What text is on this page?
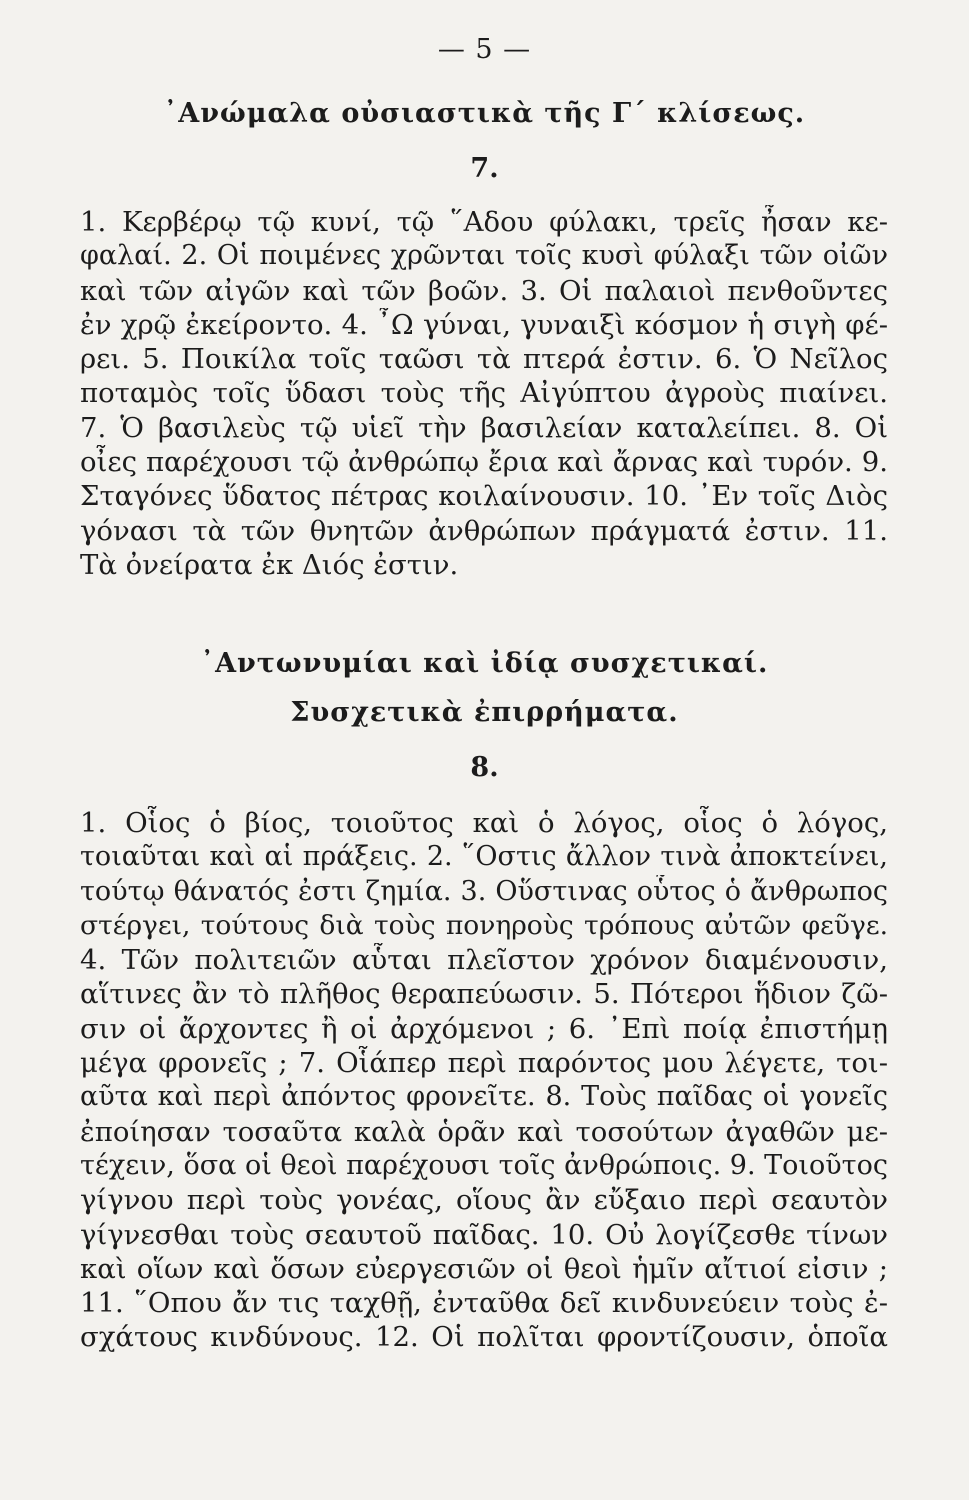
— 5 —
᾿Ανώμαλα οὐσιαστικὰ τῆς Γ´ κλίσεως.
7.
1. Κερβέρῳ τῷ κυνί, τῷ ῞Αδου φύλακι, τρεῖς ἦσαν κε-
φαλαί. 2. Οἱ ποιμένες χρῶνται τοῖς κυσὶ φύλαξι τῶν οἰῶν
καὶ τῶν αἰγῶν καὶ τῶν βοῶν. 3. Οἱ παλαιοὶ πενθοῦντες
ἐν χρῷ ἐκείροντο. 4. ῏Ω γύναι, γυναιξὶ κόσμον ἡ σιγὴ φέ-
ρει. 5. Ποικίλα τοῖς ταῶσι τὰ πτερά ἐστιν. 6. Ὁ Νεῖλος
ποταμὸς τοῖς ὕδασι τοὺς τῆς Αἰγύπτου ἀγροὺς πιαίνει.
7. Ὁ βασιλεὺς τῷ υἱεῖ τὴν βασιλείαν καταλείπει. 8. Οἱ
οἶες παρέχουσι τῷ ἀνθρώπῳ ἔρια καὶ ἄρνας καὶ τυρόν. 9.
Σταγόνες ὕδατος πέτρας κοιλαίνουσιν. 10. ᾿Εν τοῖς Διὸς
γόνασι τὰ τῶν θνητῶν ἀνθρώπων πράγματά ἐστιν. 11.
Τὰ ὀνείρατα ἐκ Διός ἐστιν.
᾿Αντωνυμίαι καὶ ἰδίᾳ συσχετικαί.
Συσχετικὰ ἐπιρρήματα.
8.
1. Οἷος ὁ βίος, τοιοῦτος καὶ ὁ λόγος, οἷος ὁ λόγος,
τοιαῦται καὶ αἱ πράξεις. 2. ῞Οστις ἄλλον τινὰ ἀποκτείνει,
τούτῳ θάνατός ἐστι ζημία. 3. Οὕστινας οὗτος ὁ ἄνθρωπος
στέργει, τούτους διὰ τοὺς πονηροὺς τρόπους αὐτῶν φεῦγε.
4. Τῶν πολιτειῶν αὗται πλεῖστον χρόνον διαμένουσιν,
αἵτινες ἂν τὸ πλῆθος θεραπεύωσιν. 5. Πότεροι ἥδιον ζῶ-
σιν οἱ ἄρχοντες ἢ οἱ ἀρχόμενοι ; 6. ᾿Επὶ ποίᾳ ἐπιστήμῃ
μέγα φρονεῖς ; 7. Οἷάπερ περὶ παρόντος μου λέγετε, τοι-
αῦτα καὶ περὶ ἀπόντος φρονεῖτε. 8. Τοὺς παῖδας οἱ γονεῖς
ἐποίησαν τοσαῦτα καλὰ ὁρᾶν καὶ τοσούτων ἀγαθῶν με-
τέχειν, ὅσα οἱ θεοὶ παρέχουσι τοῖς ἀνθρώποις. 9. Τοιοῦτος
γίγνου περὶ τοὺς γονέας, οἵους ἂν εὔξαιο περὶ σεαυτὸν
γίγνεσθαι τοὺς σεαυτοῦ παῖδας. 10. Οὐ λογίζεσθε τίνων
καὶ οἵων καὶ ὅσων εὐεργεσιῶν οἱ θεοὶ ἡμῖν αἴτιοί εἰσιν ;
11. ῞Οπου ἄν τις ταχθῇ, ἐνταῦθα δεῖ κινδυνεύειν τοὺς ἐ-
σχάτους κινδύνους. 12. Οἱ πολῖται φροντίζουσιν, ὁποῖα
